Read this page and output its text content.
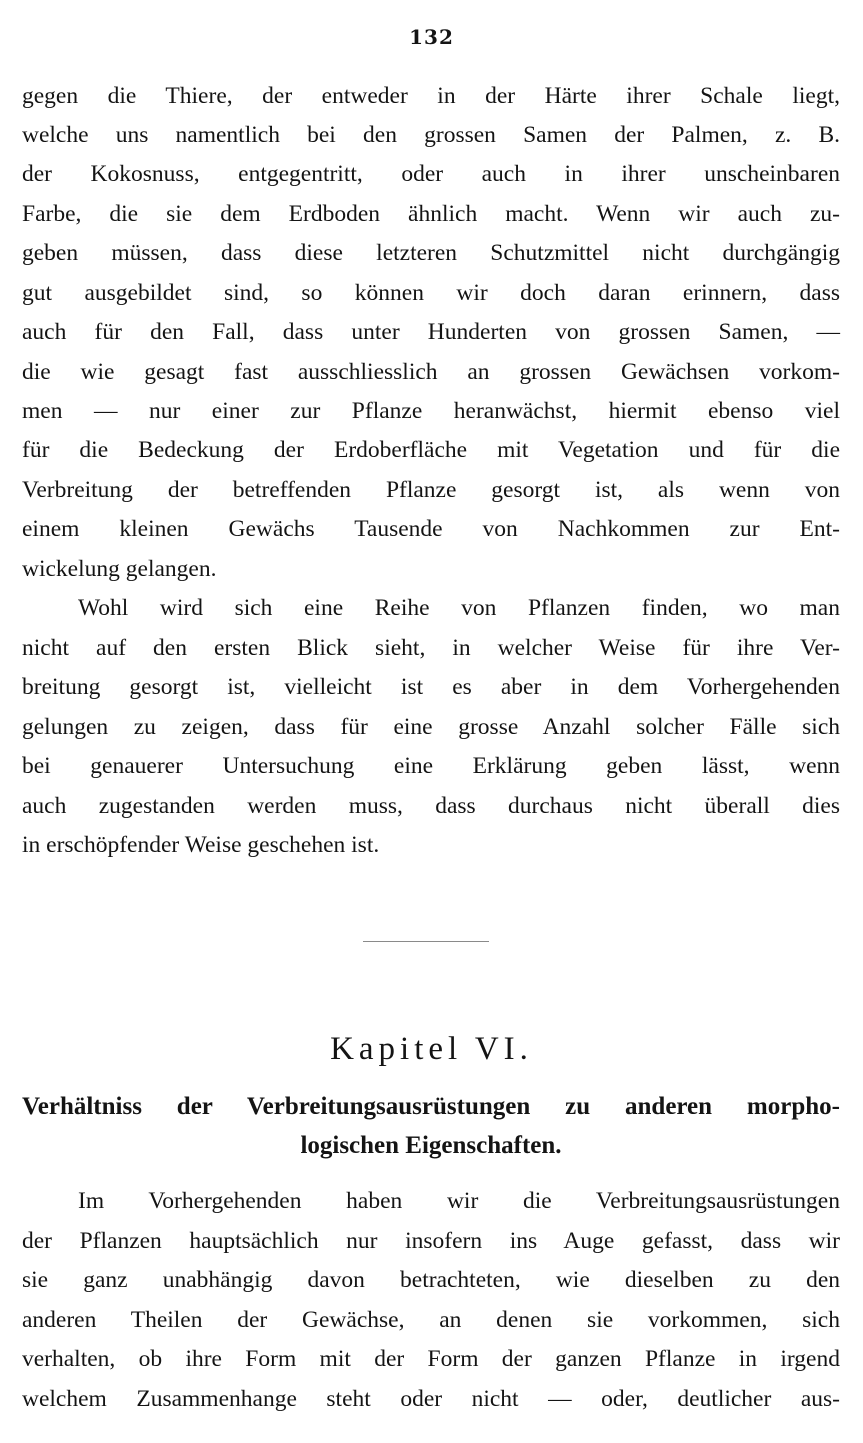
132
gegen die Thiere, der entweder in der Härte ihrer Schale liegt,
welche uns namentlich bei den grossen Samen der Palmen, z. B.
der Kokosnuss, entgegentritt, oder auch in ihrer unscheinbaren
Farbe, die sie dem Erdboden ähnlich macht. Wenn wir auch zu-
geben müssen, dass diese letzteren Schutzmittel nicht durchgängig
gut ausgebildet sind, so können wir doch daran erinnern, dass
auch für den Fall, dass unter Hunderten von grossen Samen, —
die wie gesagt fast ausschliesslich an grossen Gewächsen vorkom-
men — nur einer zur Pflanze heranwächst, hiermit ebenso viel
für die Bedeckung der Erdoberfläche mit Vegetation und für die
Verbreitung der betreffenden Pflanze gesorgt ist, als wenn von
einem kleinen Gewächs Tausende von Nachkommen zur Ent-
wickelung gelangen.
Wohl wird sich eine Reihe von Pflanzen finden, wo man
nicht auf den ersten Blick sieht, in welcher Weise für ihre Ver-
breitung gesorgt ist, vielleicht ist es aber in dem Vorhergehenden
gelungen zu zeigen, dass für eine grosse Anzahl solcher Fälle sich
bei genauerer Untersuchung eine Erklärung geben lässt, wenn
auch zugestanden werden muss, dass durchaus nicht überall dies
in erschöpfender Weise geschehen ist.
Kapitel VI.
Verhältniss der Verbreitungsausrüstungen zu anderen morpho-
logischen Eigenschaften.
Im Vorhergehenden haben wir die Verbreitungsausrüstungen
der Pflanzen hauptsächlich nur insofern ins Auge gefasst, dass wir
sie ganz unabhängig davon betrachteten, wie dieselben zu den
anderen Theilen der Gewächse, an denen sie vorkommen, sich
verhalten, ob ihre Form mit der Form der ganzen Pflanze in irgend
welchem Zusammenhange steht oder nicht — oder, deutlicher aus-
